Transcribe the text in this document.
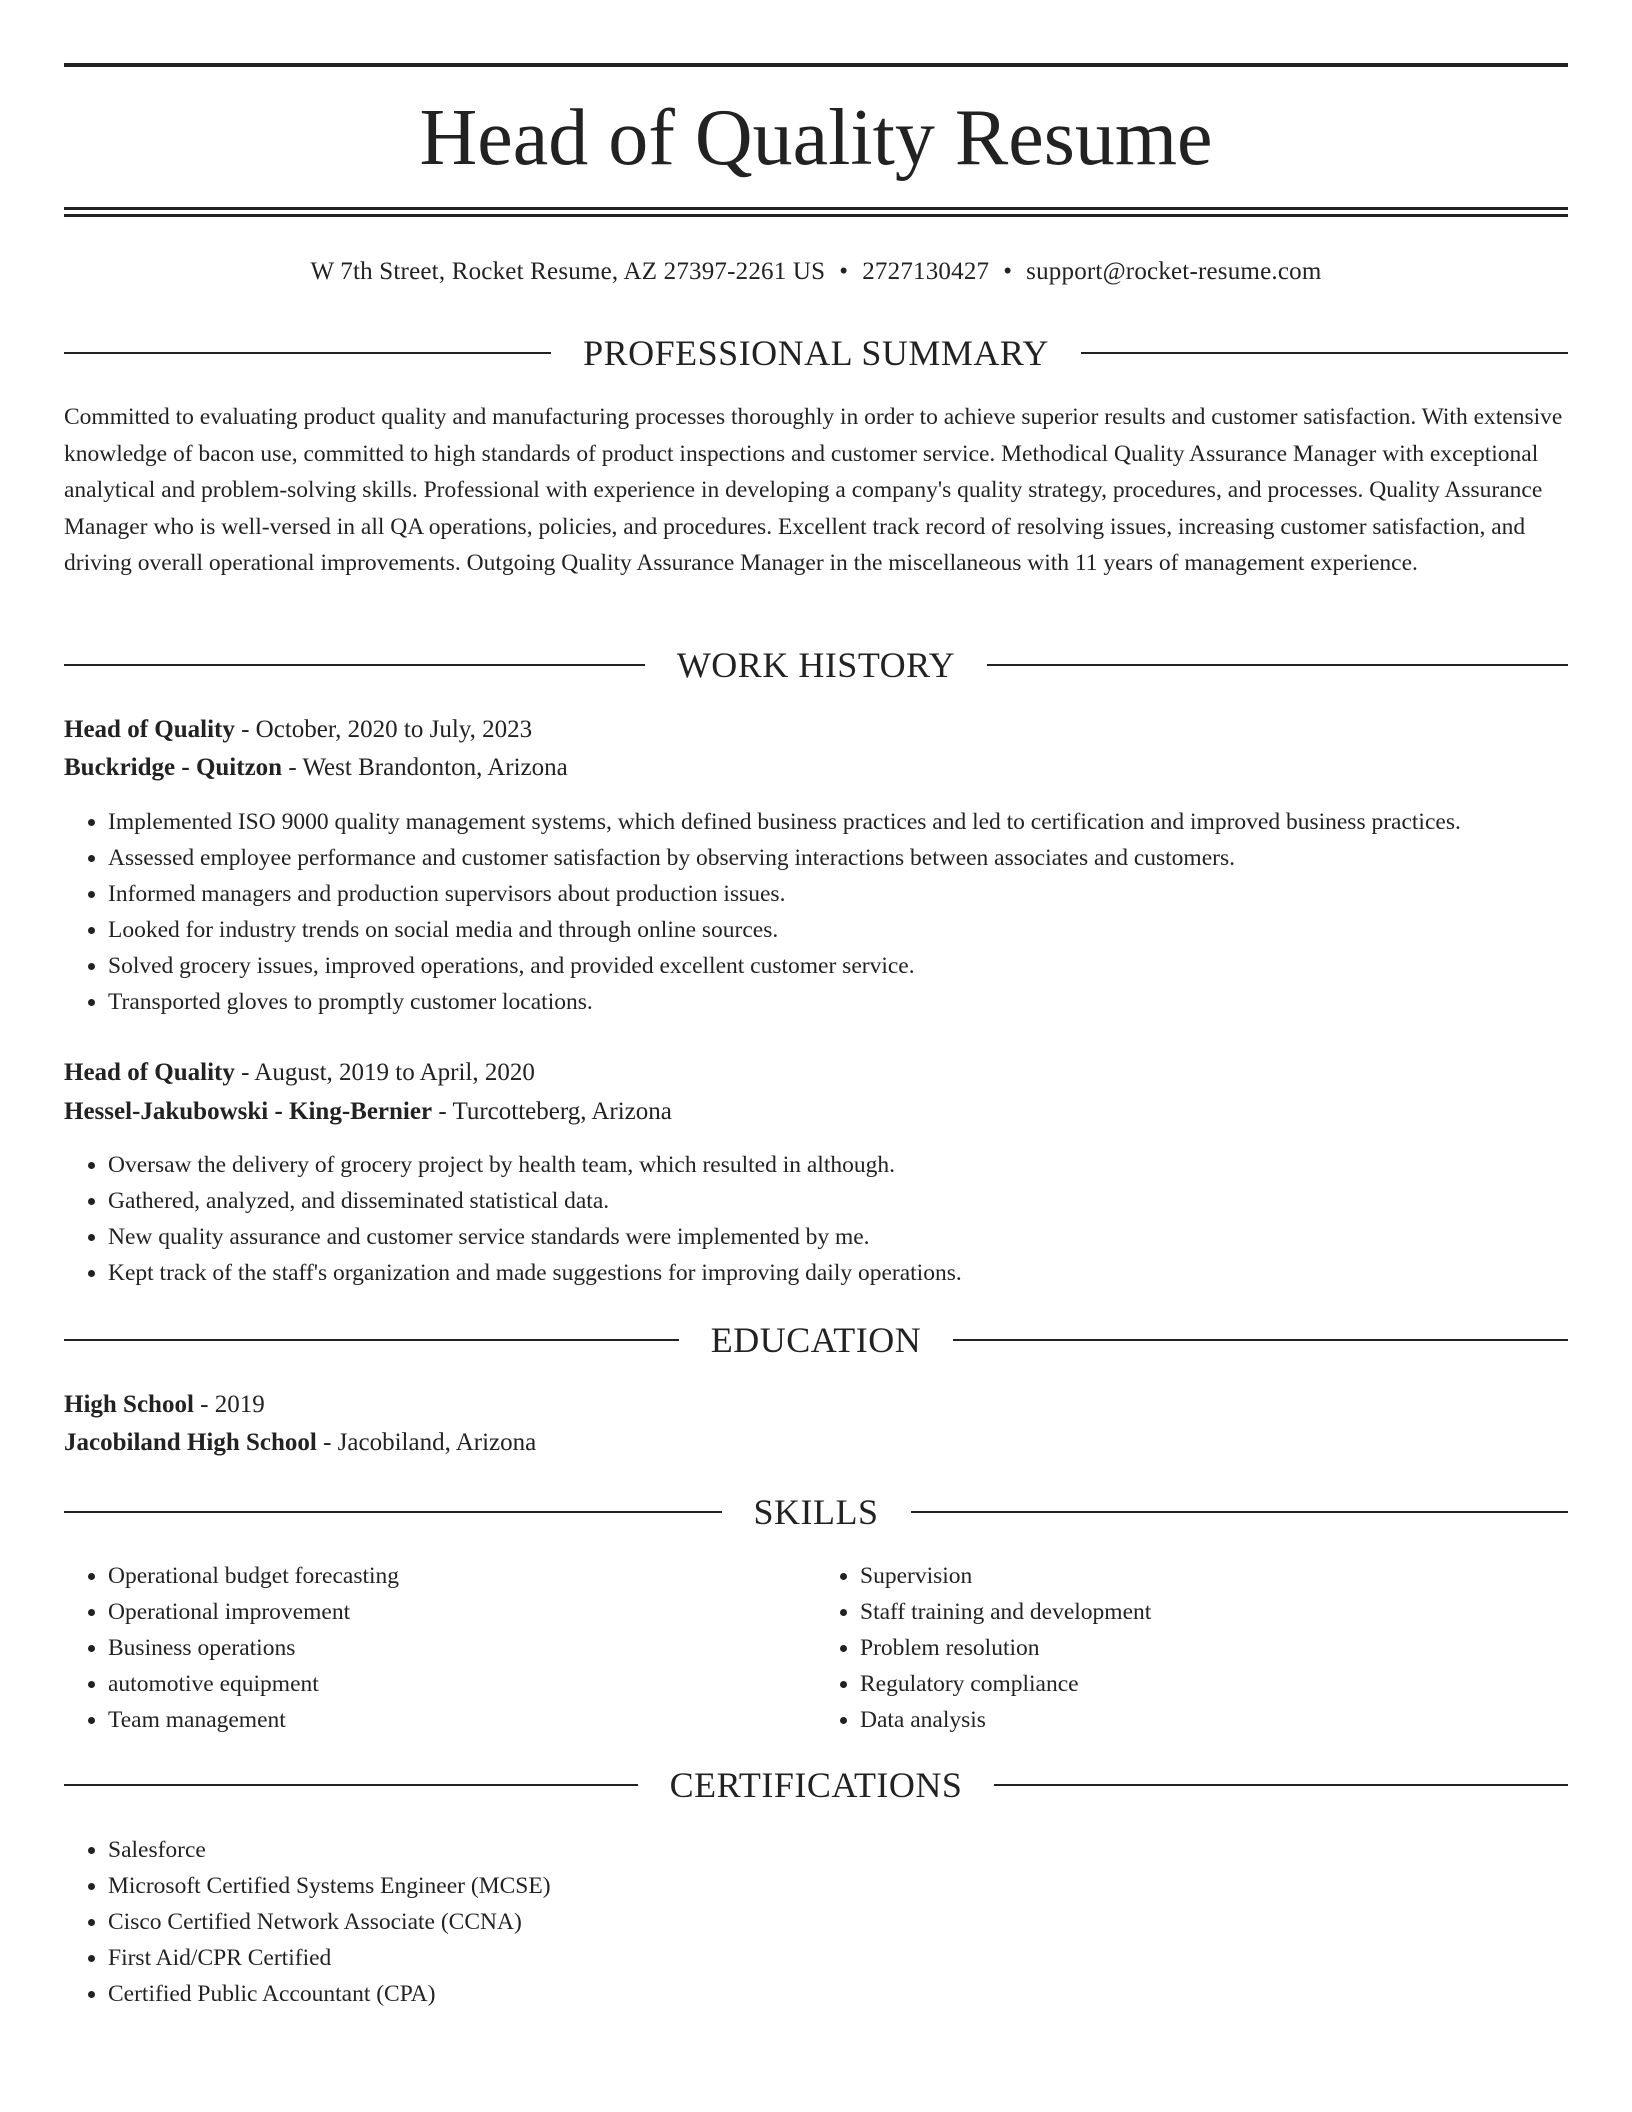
Head of Quality Resume
W 7th Street, Rocket Resume, AZ 27397-2261 US • 2727130427 • support@rocket-resume.com
PROFESSIONAL SUMMARY

Committed to evaluating product quality and manufacturing processes thoroughly in order to achieve superior results and customer satisfaction. With extensive knowledge of bacon use, committed to high standards of product inspections and customer service. Methodical Quality Assurance Manager with exceptional analytical and problem-solving skills. Professional with experience in developing a company's quality strategy, procedures, and processes. Quality Assurance Manager who is well-versed in all QA operations, policies, and procedures. Excellent track record of resolving issues, increasing customer satisfaction, and driving overall operational improvements. Outgoing Quality Assurance Manager in the miscellaneous with 11 years of management experience.

WORK HISTORY
Head of Quality - October, 2020 to July, 2023
Buckridge - Quitzon - West Brandonton, Arizona
• Implemented ISO 9000 quality management systems, which defined business practices and led to certification and improved business practices.
• Assessed employee performance and customer satisfaction by observing interactions between associates and customers.
• Informed managers and production supervisors about production issues.
• Looked for industry trends on social media and through online sources.
• Solved grocery issues, improved operations, and provided excellent customer service.
• Transported gloves to promptly customer locations.
Head of Quality - August, 2019 to April, 2020
Hessel-Jakubowski - King-Bernier - Turcotteberg, Arizona
• Oversaw the delivery of grocery project by health team, which resulted in although.
• Gathered, analyzed, and disseminated statistical data.
• New quality assurance and customer service standards were implemented by me.
• Kept track of the staff's organization and made suggestions for improving daily operations.
EDUCATION
High School - 2019
Jacobiland High School - Jacobiland, Arizona
SKILLS
• Operational budget forecasting
• Operational improvement
• Business operations
• automotive equipment
• Team management
• Supervision
• Staff training and development
• Problem resolution
• Regulatory compliance
• Data analysis
CERTIFICATIONS
• Salesforce
• Microsoft Certified Systems Engineer (MCSE)
• Cisco Certified Network Associate (CCNA)
• First Aid/CPR Certified
• Certified Public Accountant (CPA)
